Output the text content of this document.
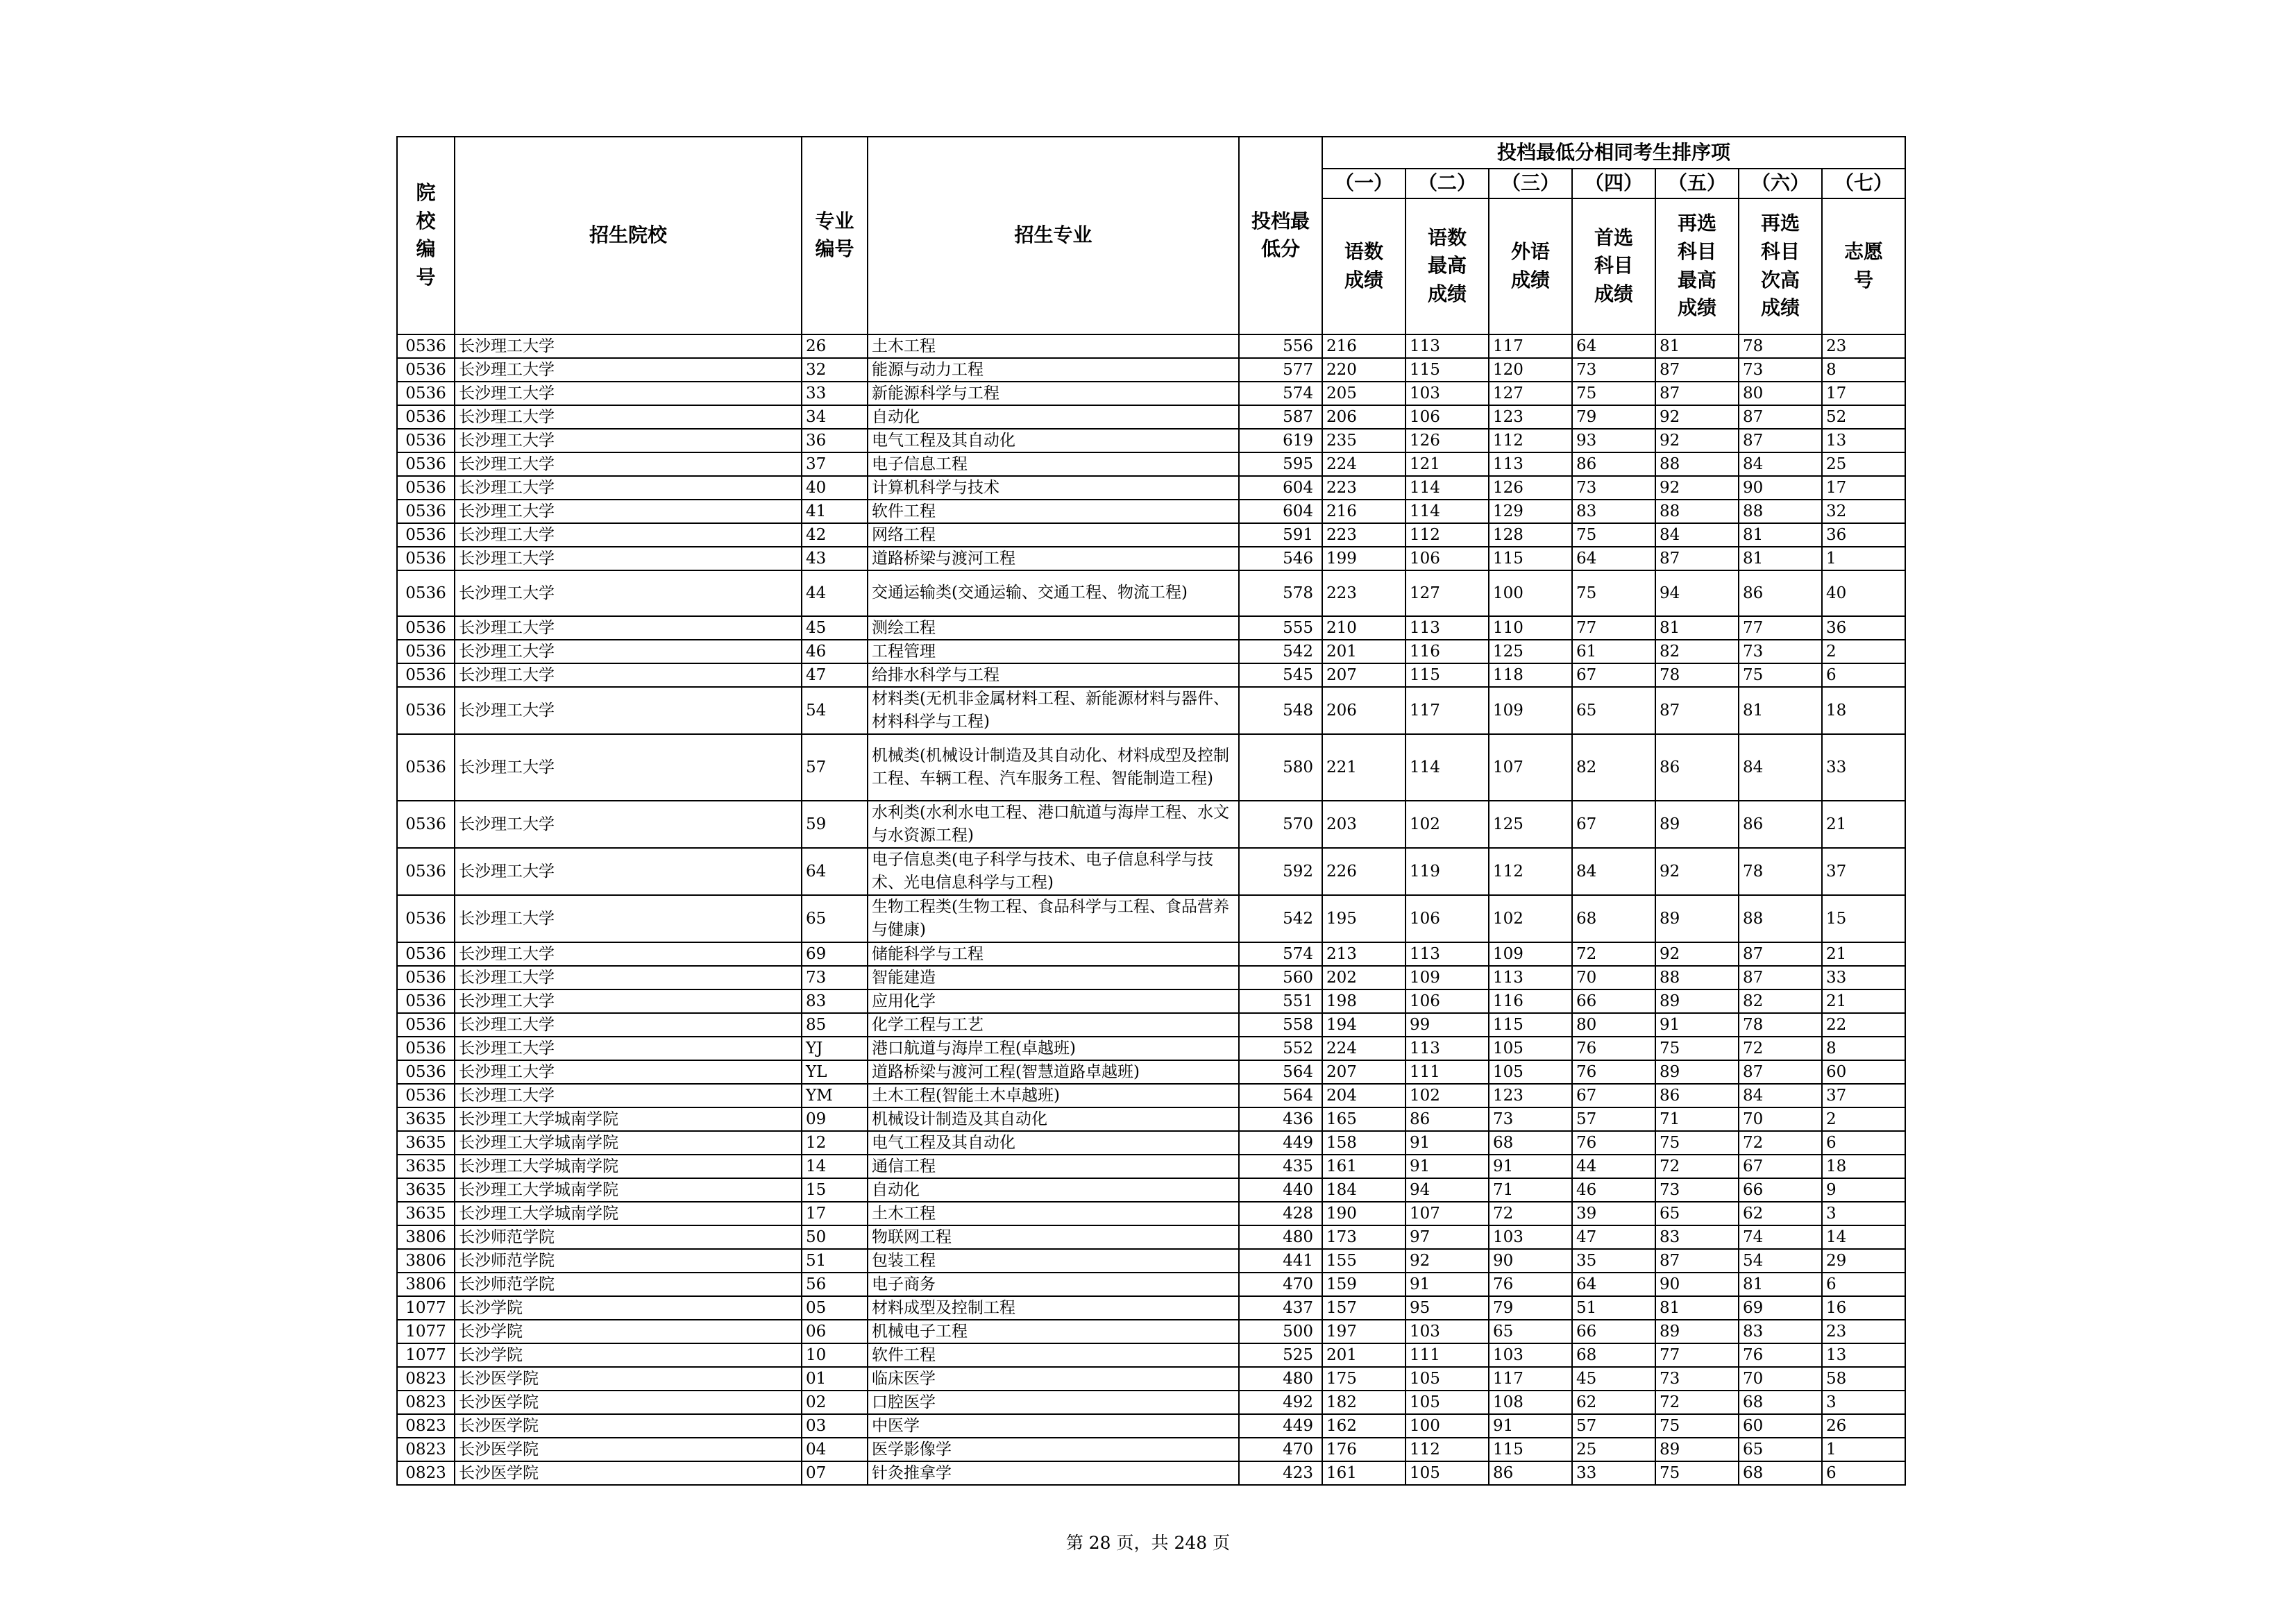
院校编号	招生院校	专业编号	招生专业	投档最低分	投档最低分相同考生排序项						
					（一）	（二）	（三）	（四）	（五）	（六）	（七）
					语数成绩	语数最高成绩	外语成绩	首选科目成绩	再选科目最高成绩	再选科目次高成绩	志愿号
0536	长沙理工大学	26	土木工程	556	216	113	117	64	81	78	23
0536	长沙理工大学	32	能源与动力工程	577	220	115	120	73	87	73	8
0536	长沙理工大学	33	新能源科学与工程	574	205	103	127	75	87	80	17
0536	长沙理工大学	34	自动化	587	206	106	123	79	92	87	52
0536	长沙理工大学	36	电气工程及其自动化	619	235	126	112	93	92	87	13
0536	长沙理工大学	37	电子信息工程	595	224	121	113	86	88	84	25
0536	长沙理工大学	40	计算机科学与技术	604	223	114	126	73	92	90	17
0536	长沙理工大学	41	软件工程	604	216	114	129	83	88	88	32
0536	长沙理工大学	42	网络工程	591	223	112	128	75	84	81	36
0536	长沙理工大学	43	道路桥梁与渡河工程	546	199	106	115	64	87	81	1
0536	长沙理工大学	44	交通运输类(交通运输、交通工程、物流工程)	578	223	127	100	75	94	86	40
0536	长沙理工大学	45	测绘工程	555	210	113	110	77	81	77	36
0536	长沙理工大学	46	工程管理	542	201	116	125	61	82	73	2
0536	长沙理工大学	47	给排水科学与工程	545	207	115	118	67	78	75	6
0536	长沙理工大学	54	材料类(无机非金属材料工程、新能源材料与器件、材料科学与工程)	548	206	117	109	65	87	81	18
0536	长沙理工大学	57	机械类(机械设计制造及其自动化、材料成型及控制工程、车辆工程、汽车服务工程、智能制造工程)	580	221	114	107	82	86	84	33
0536	长沙理工大学	59	水利类(水利水电工程、港口航道与海岸工程、水文与水资源工程)	570	203	102	125	67	89	86	21
0536	长沙理工大学	64	电子信息类(电子科学与技术、电子信息科学与技术、光电信息科学与工程)	592	226	119	112	84	92	78	37
0536	长沙理工大学	65	生物工程类(生物工程、食品科学与工程、食品营养与健康)	542	195	106	102	68	89	88	15
0536	长沙理工大学	69	储能科学与工程	574	213	113	109	72	92	87	21
0536	长沙理工大学	73	智能建造	560	202	109	113	70	88	87	33
0536	长沙理工大学	83	应用化学	551	198	106	116	66	89	82	21
0536	长沙理工大学	85	化学工程与工艺	558	194	99	115	80	91	78	22
0536	长沙理工大学	YJ	港口航道与海岸工程(卓越班)	552	224	113	105	76	75	72	8
0536	长沙理工大学	YL	道路桥梁与渡河工程(智慧道路卓越班)	564	207	111	105	76	89	87	60
0536	长沙理工大学	YM	土木工程(智能土木卓越班)	564	204	102	123	67	86	84	37
3635	长沙理工大学城南学院	09	机械设计制造及其自动化	436	165	86	73	57	71	70	2
3635	长沙理工大学城南学院	12	电气工程及其自动化	449	158	91	68	76	75	72	6
3635	长沙理工大学城南学院	14	通信工程	435	161	91	91	44	72	67	18
3635	长沙理工大学城南学院	15	自动化	440	184	94	71	46	73	66	9
3635	长沙理工大学城南学院	17	土木工程	428	190	107	72	39	65	62	3
3806	长沙师范学院	50	物联网工程	480	173	97	103	47	83	74	14
3806	长沙师范学院	51	包装工程	441	155	92	90	35	87	54	29
3806	长沙师范学院	56	电子商务	470	159	91	76	64	90	81	6
1077	长沙学院	05	材料成型及控制工程	437	157	95	79	51	81	69	16
1077	长沙学院	06	机械电子工程	500	197	103	65	66	89	83	23
1077	长沙学院	10	软件工程	525	201	111	103	68	77	76	13
0823	长沙医学院	01	临床医学	480	175	105	117	45	73	70	58
0823	长沙医学院	02	口腔医学	492	182	105	108	62	72	68	3
0823	长沙医学院	03	中医学	449	162	100	91	57	75	60	26
0823	长沙医学院	04	医学影像学	470	176	112	115	25	89	65	1
0823	长沙医学院	07	针灸推拿学	423	161	105	86	33	75	68	6
第 28 页，共 248 页
